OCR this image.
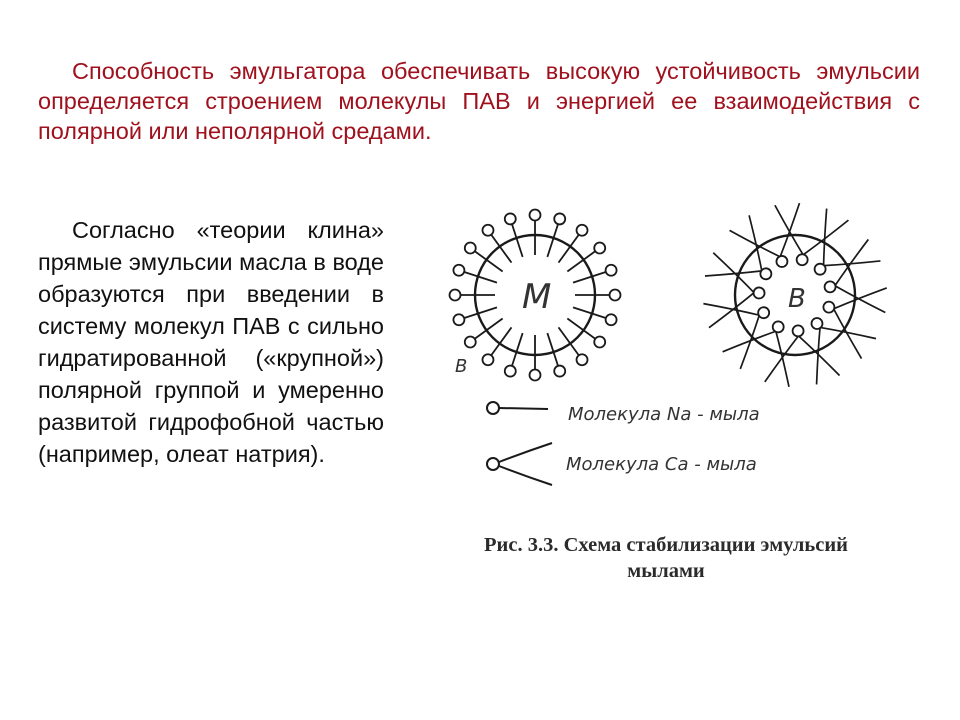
Способность эмульгатора обеспечивать высокую устойчивость эмульсии определяется строением молекулы ПАВ и энергией ее взаимодействия с полярной или неполярной средами.

Согласно «теории клина» прямые эмульсии масла в воде образуются при введении в систему молекул ПАВ с сильно гидратированной («крупной») полярной группой и умеренно развитой гидрофобной частью (например, олеат натрия).

М
В
В
Молекула Na - мыла
Молекула Ca - мыла
Рис. 3.3. Схема стабилизации эмульсий
мылами
